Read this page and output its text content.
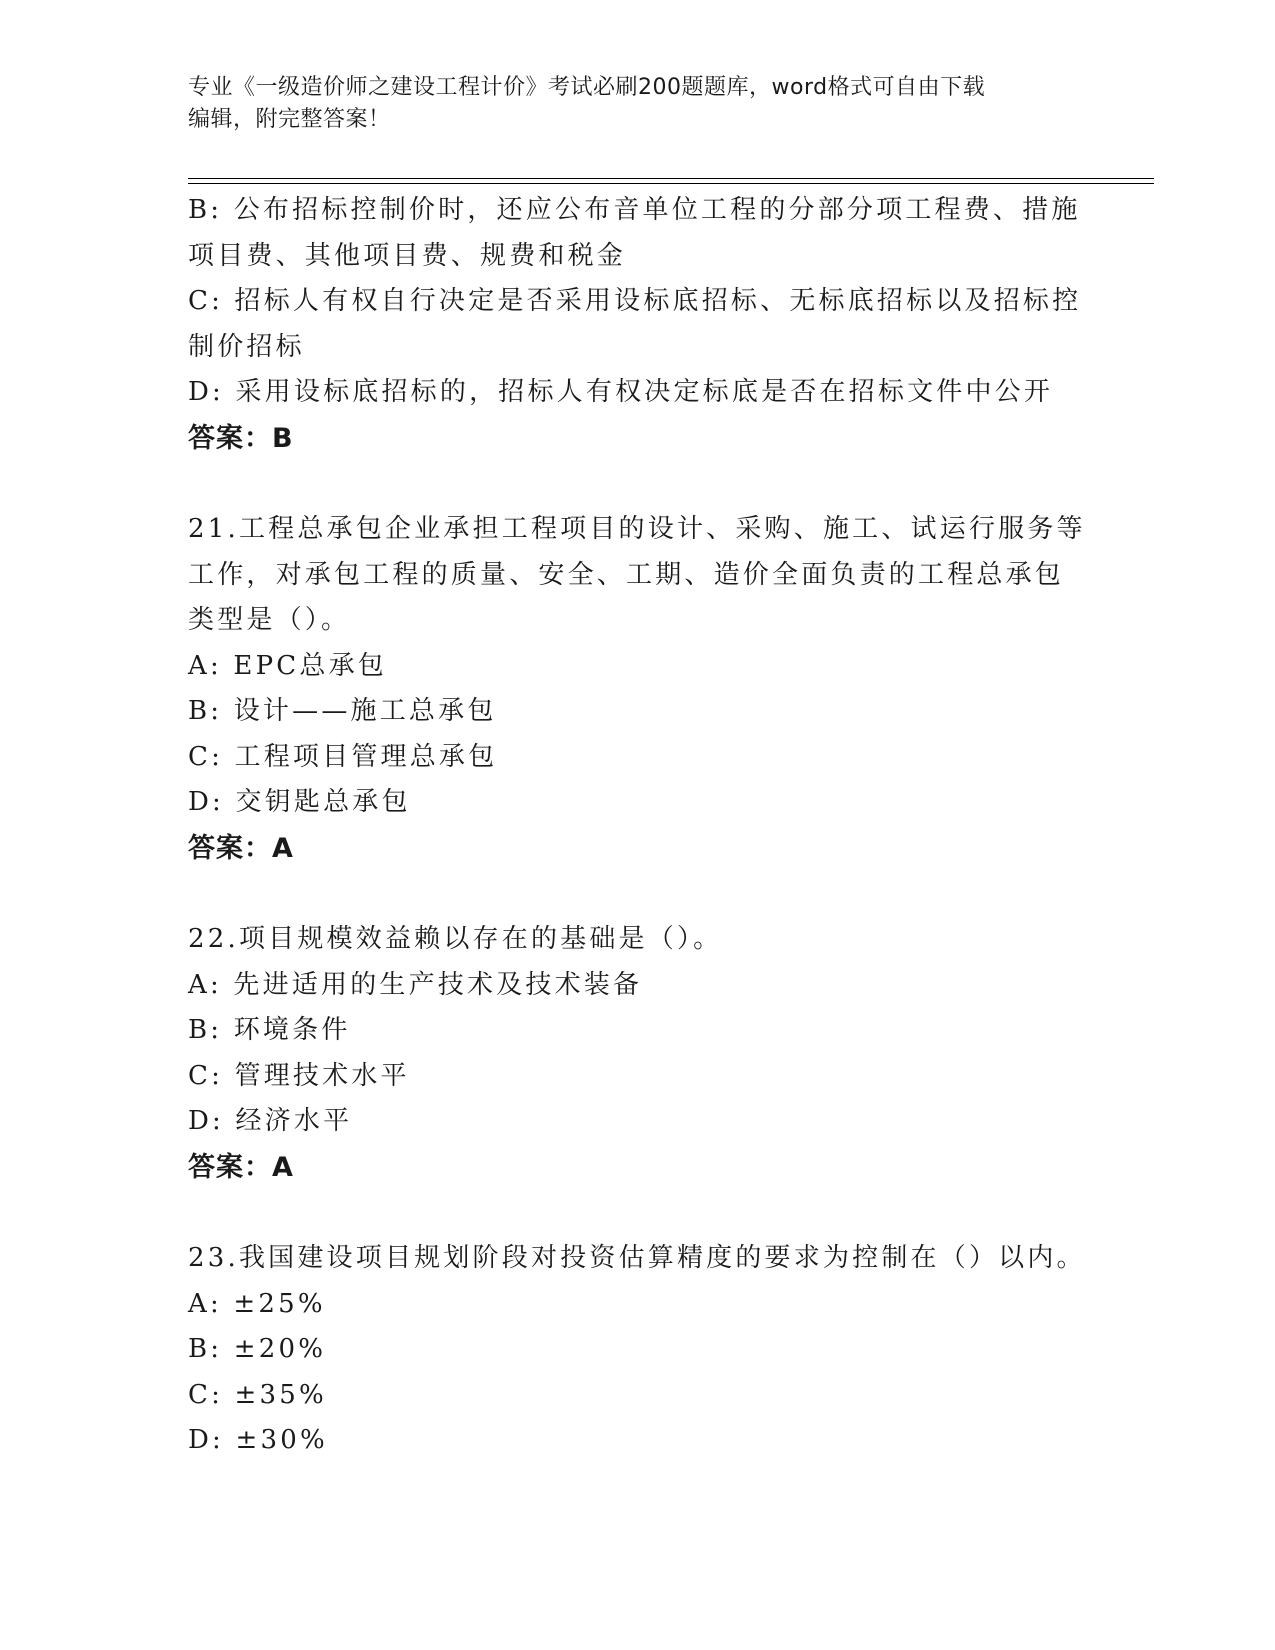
专业《一级造价师之建设工程计价》考试必刷200题题库，word格式可自由下载
编辑，附完整答案！
B: 公布招标控制价时，还应公布音单位工程的分部分项工程费、措施
项目费、其他项目费、规费和税金
C: 招标人有权自行决定是否采用设标底招标、无标底招标以及招标控
制价招标
D: 采用设标底招标的，招标人有权决定标底是否在招标文件中公开
答案：B
21.工程总承包企业承担工程项目的设计、采购、施工、试运行服务等
工作，对承包工程的质量、安全、工期、造价全面负责的工程总承包
类型是（）。
A: EPC总承包
B: 设计——施工总承包
C: 工程项目管理总承包
D: 交钥匙总承包
答案：A
22.项目规模效益赖以存在的基础是（）。
A: 先进适用的生产技术及技术装备
B: 环境条件
C: 管理技术水平
D: 经济水平
答案：A
23.我国建设项目规划阶段对投资估算精度的要求为控制在（）以内。
A: ±25%
B: ±20%
C: ±35%
D: ±30%
